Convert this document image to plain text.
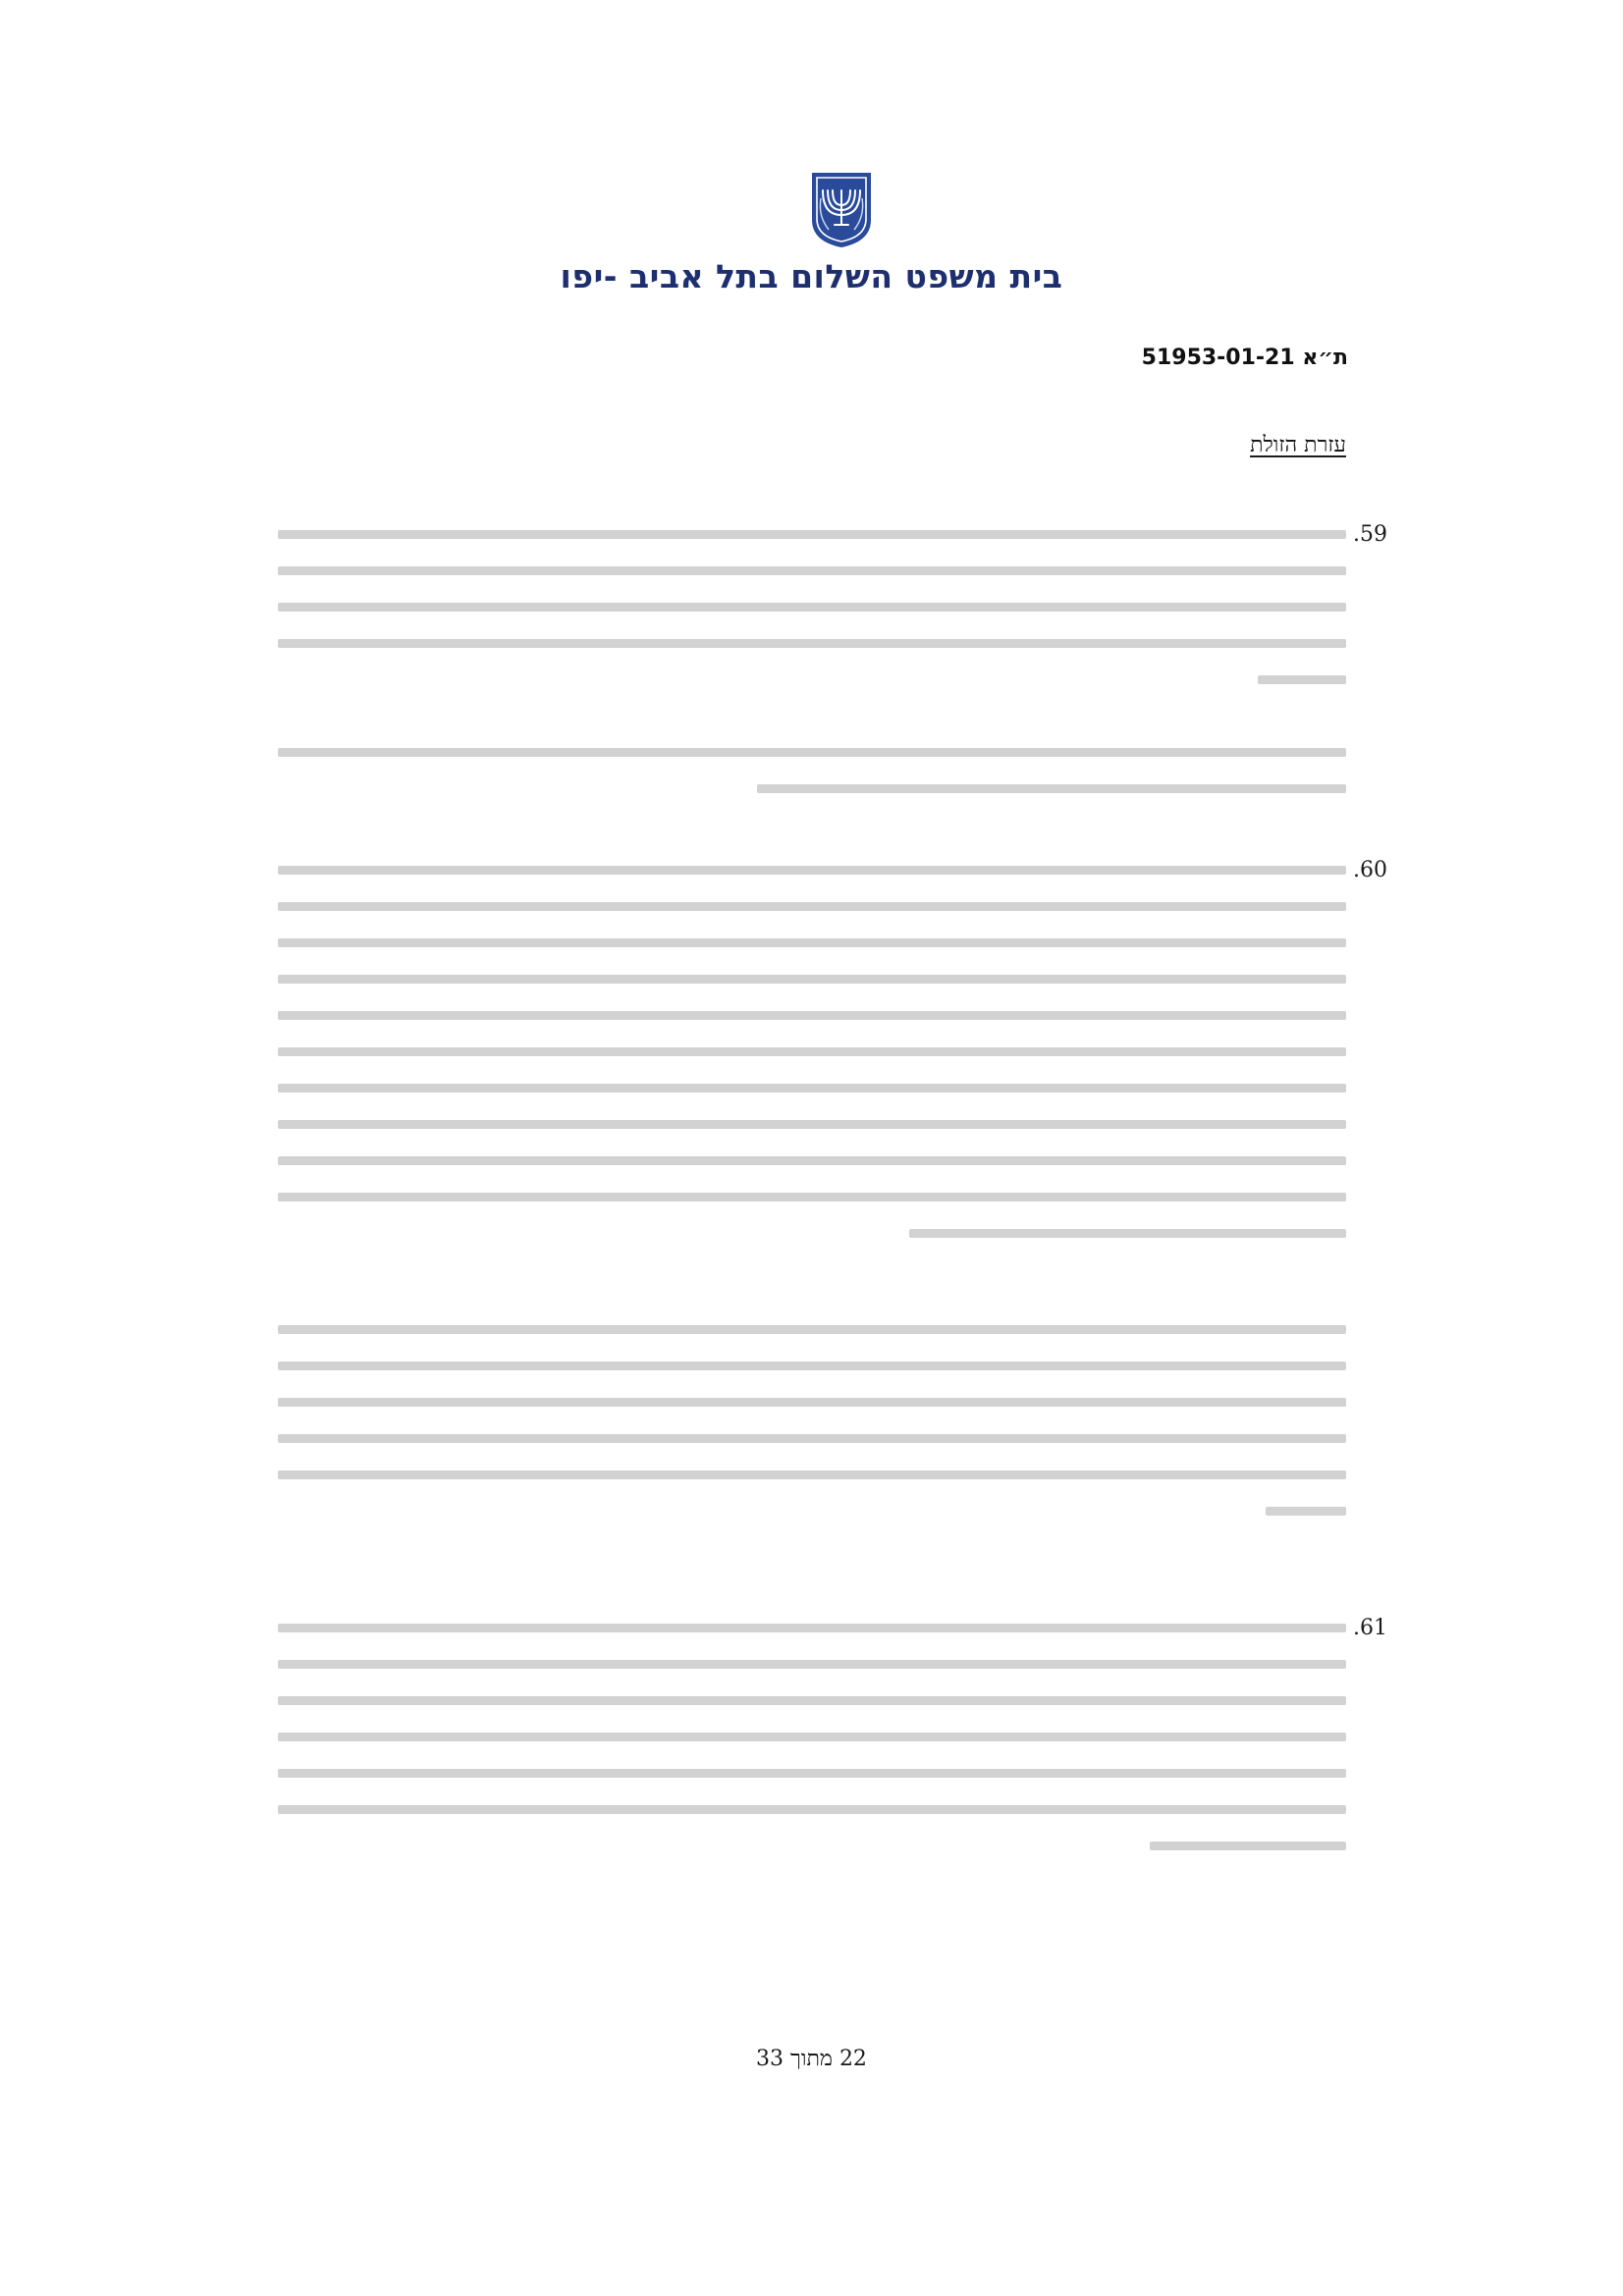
בית משפט השלום בתל אביב -יפו
ת״א 51953-01-21
עזרת הזולת
59.
60.
61.
22 מתוך 33
